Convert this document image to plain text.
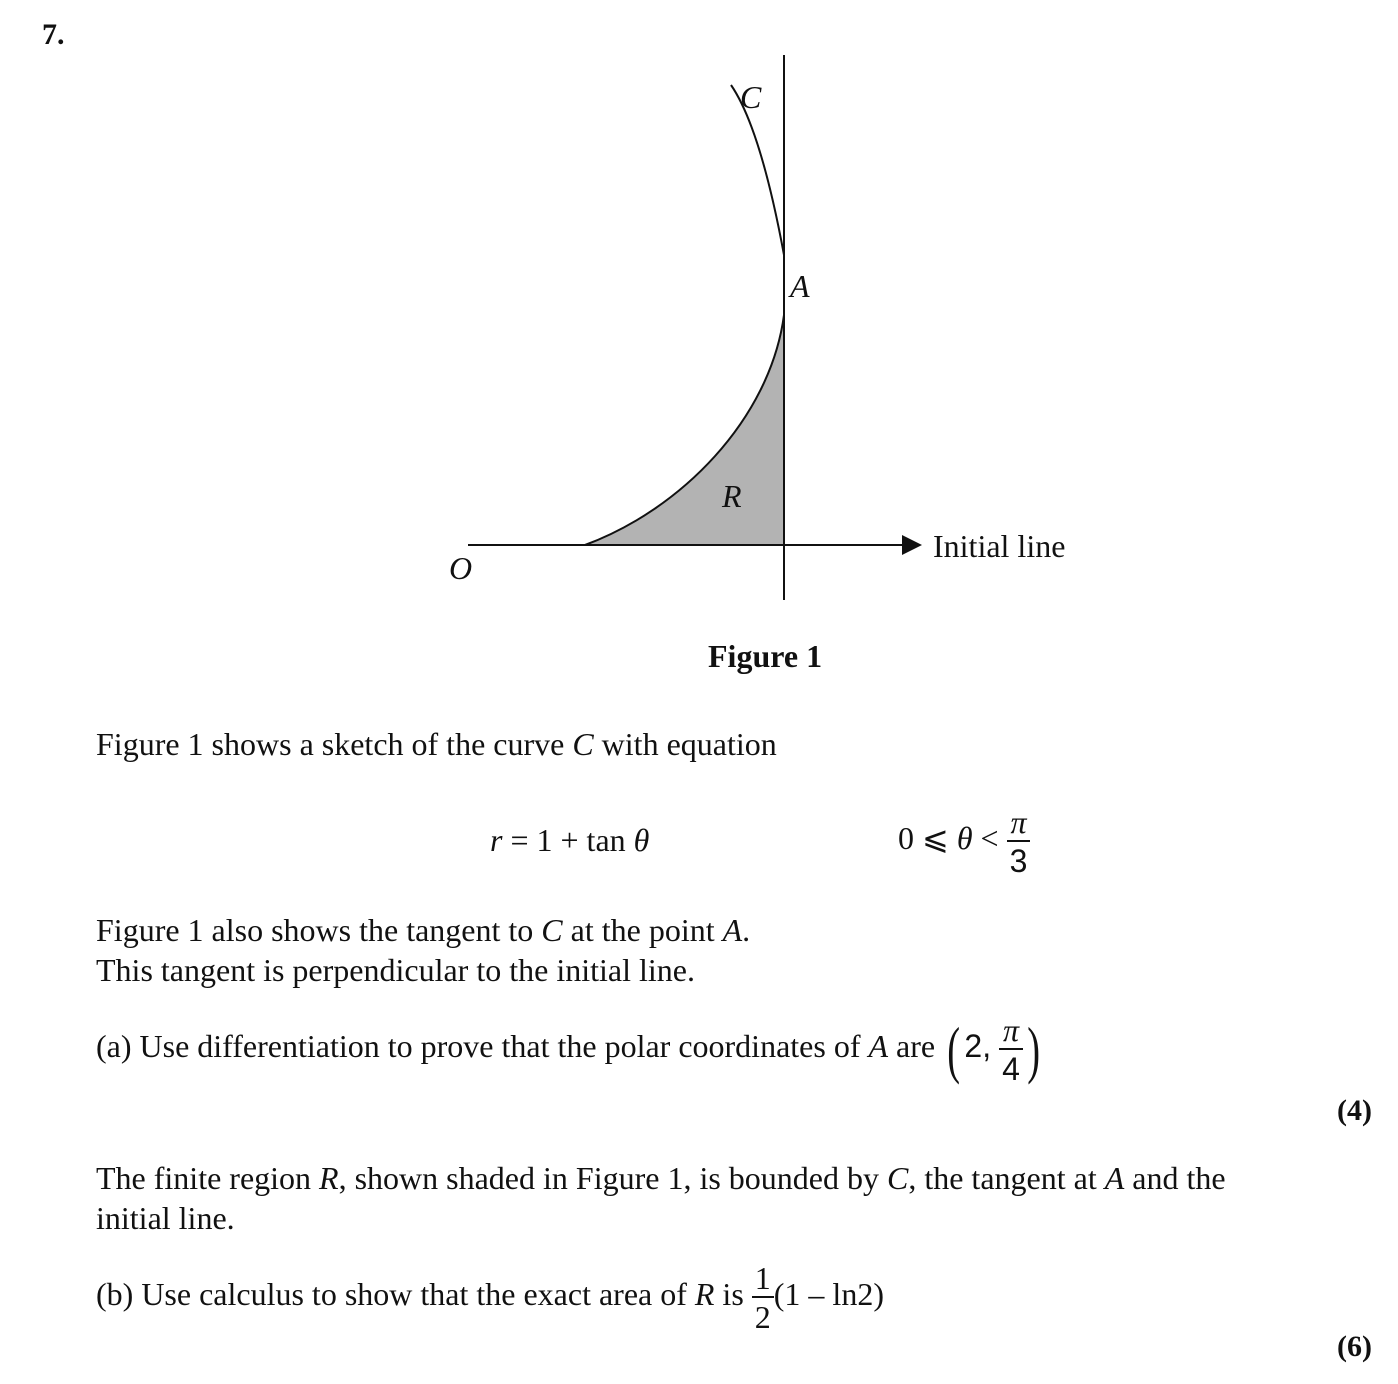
7.
C
A
R
O
Initial line
Figure 1
Figure 1 shows a sketch of the curve C with equation
r = 1 + tan θ	0 ⩽ $\theta < \frac{\pi}{3}$
Figure 1 also shows the tangent to C at the point A.
This tangent is perpendicular to the initial line.
(a) Use differentiation to prove that the polar coordinates of A are ( 2, $\frac{\pi}{4}$ )
(4)
The finite region R, shown shaded in Figure 1, is bounded by C, the tangent at A and the
initial line.
(b) Use calculus to show that the exact area of R is $\frac{1}{2} (1 - \ln 2)$
(6)
